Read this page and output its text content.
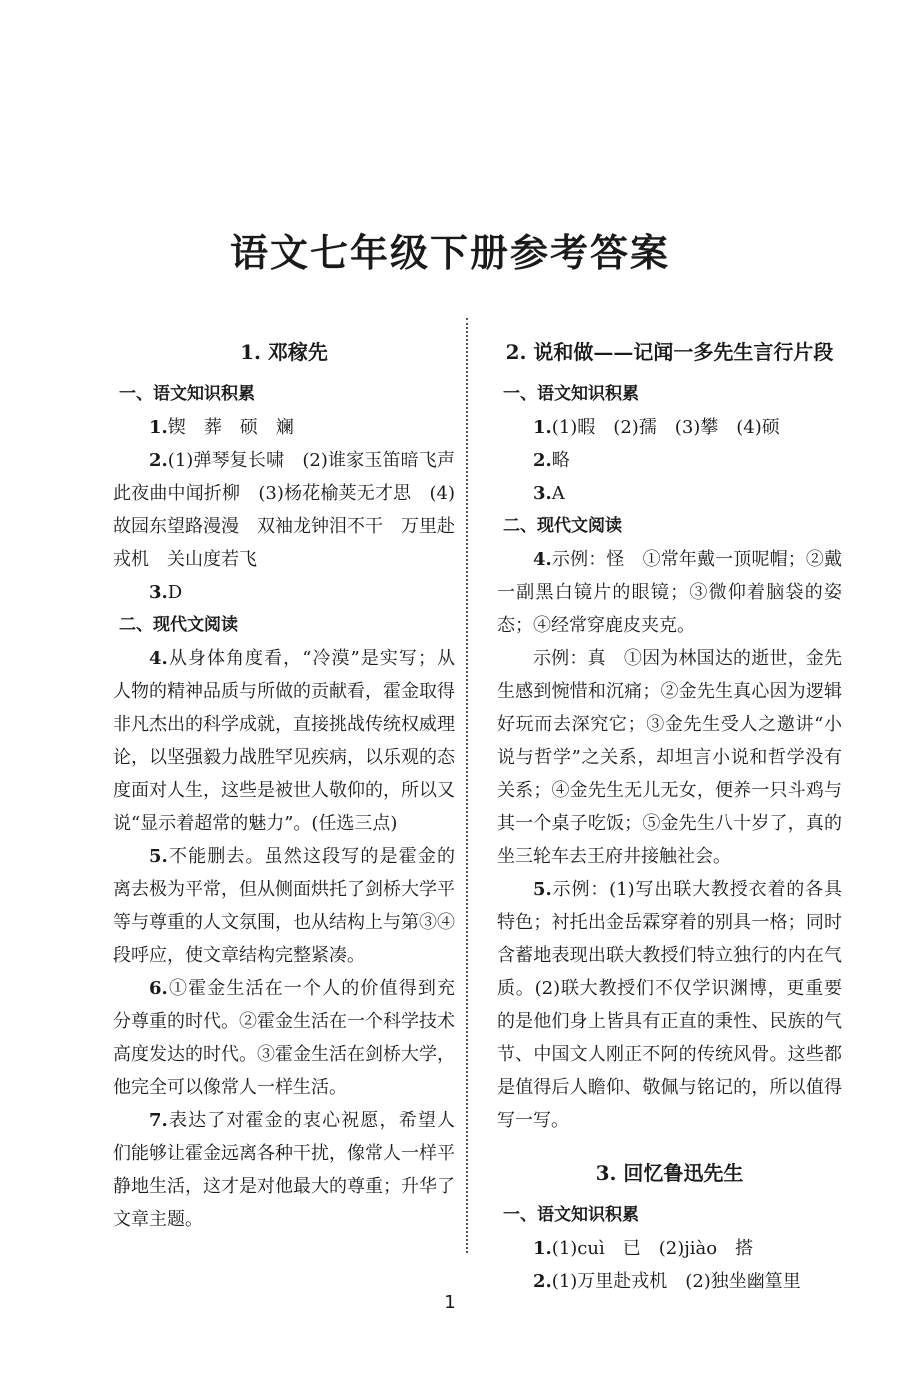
语文七年级下册参考答案
1. 邓稼先
一、语文知识积累
1.锲　葬　硕　斓
2.(1)弹琴复长啸　(2)谁家玉笛暗飞声　此夜曲中闻折柳　(3)杨花榆荚无才思　(4)故园东望路漫漫　双袖龙钟泪不干　万里赴戎机　关山度若飞
3.D
二、现代文阅读
4.从身体角度看，“冷漠”是实写；从人物的精神品质与所做的贡献看，霍金取得非凡杰出的科学成就，直接挑战传统权威理论，以坚强毅力战胜罕见疾病，以乐观的态度面对人生，这些是被世人敬仰的，所以又说“显示着超常的魅力”。(任选三点)
5.不能删去。虽然这段写的是霍金的离去极为平常，但从侧面烘托了剑桥大学平等与尊重的人文氛围，也从结构上与第③④段呼应，使文章结构完整紧凑。
6.①霍金生活在一个人的价值得到充分尊重的时代。②霍金生活在一个科学技术高度发达的时代。③霍金生活在剑桥大学，他完全可以像常人一样生活。
7.表达了对霍金的衷心祝愿，希望人们能够让霍金远离各种干扰，像常人一样平静地生活，这才是对他最大的尊重；升华了文章主题。
2. 说和做——记闻一多先生言行片段
一、语文知识积累
1.(1)暇　(2)孺　(3)攀　(4)硕
2.略
3.A
二、现代文阅读
4.示例：怪　①常年戴一顶呢帽；②戴一副黑白镜片的眼镜；③微仰着脑袋的姿态；④经常穿鹿皮夹克。
示例：真　①因为林国达的逝世，金先生感到惋惜和沉痛；②金先生真心因为逻辑好玩而去深究它；③金先生受人之邀讲“小说与哲学”之关系，却坦言小说和哲学没有关系；④金先生无儿无女，便养一只斗鸡与其一个桌子吃饭；⑤金先生八十岁了，真的坐三轮车去王府井接触社会。
5.示例：(1)写出联大教授衣着的各具特色；衬托出金岳霖穿着的别具一格；同时含蓄地表现出联大教授们特立独行的内在气质。(2)联大教授们不仅学识渊博，更重要的是他们身上皆具有正直的秉性、民族的气节、中国文人刚正不阿的传统风骨。这些都是值得后人瞻仰、敬佩与铭记的，所以值得写一写。
3. 回忆鲁迅先生
一、语文知识积累
1.(1)cuì　已　(2)jiào　搭
2.(1)万里赴戎机　(2)独坐幽篁里
1
